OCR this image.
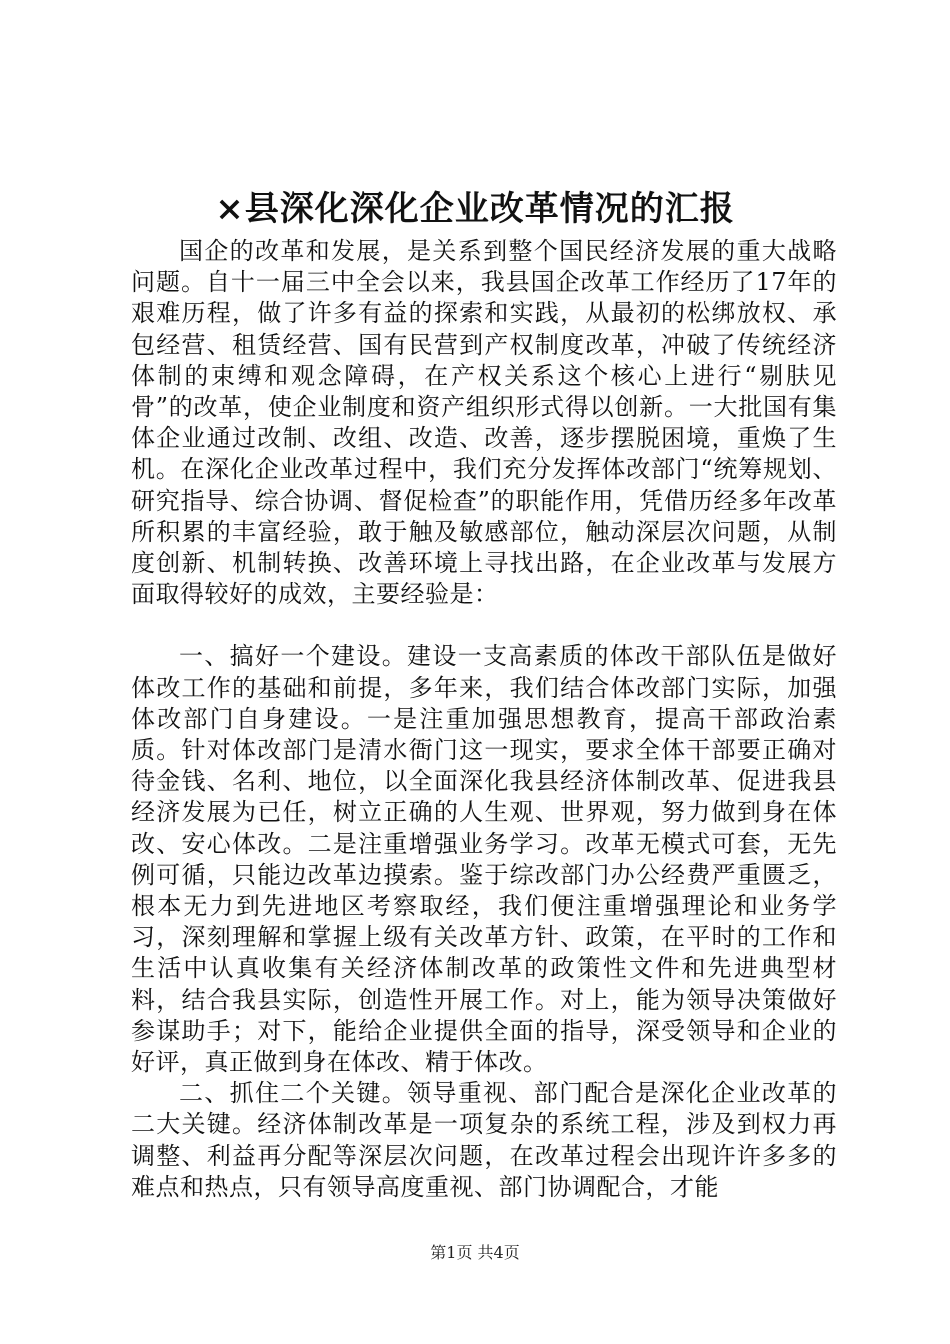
×县深化深化企业改革情况的汇报

国企的改革和发展，是关系到整个国民经济发展的重大战略问题。自十一届三中全会以来，我县国企改革工作经历了17年的艰难历程，做了许多有益的探索和实践，从最初的松绑放权、承包经营、租赁经营、国有民营到产权制度改革，冲破了传统经济体制的束缚和观念障碍，在产权关系这个核心上进行“剔肤见骨”的改革，使企业制度和资产组织形式得以创新。一大批国有集体企业通过改制、改组、改造、改善，逐步摆脱困境，重焕了生机。在深化企业改革过程中，我们充分发挥体改部门“统筹规划、研究指导、综合协调、督促检查”的职能作用，凭借历经多年改革所积累的丰富经验，敢于触及敏感部位，触动深层次问题，从制度创新、机制转换、改善环境上寻找出路，在企业改革与发展方面取得较好的成效，主要经验是：

一、搞好一个建设。建设一支高素质的体改干部队伍是做好体改工作的基础和前提，多年来，我们结合体改部门实际，加强体改部门自身建设。一是注重加强思想教育，提高干部政治素质。针对体改部门是清水衙门这一现实，要求全体干部要正确对待金钱、名利、地位，以全面深化我县经济体制改革、促进我县经济发展为已任，树立正确的人生观、世界观，努力做到身在体改、安心体改。二是注重增强业务学习。改革无模式可套，无先例可循，只能边改革边摸索。鉴于综改部门办公经费严重匮乏，根本无力到先进地区考察取经，我们便注重增强理论和业务学习，深刻理解和掌握上级有关改革方针、政策，在平时的工作和生活中认真收集有关经济体制改革的政策性文件和先进典型材料，结合我县实际，创造性开展工作。对上，能为领导决策做好参谋助手；对下，能给企业提供全面的指导，深受领导和企业的好评，真正做到身在体改、精于体改。

二、抓住二个关键。领导重视、部门配合是深化企业改革的二大关键。经济体制改革是一项复杂的系统工程，涉及到权力再调整、利益再分配等深层次问题，在改革过程会出现许许多多的难点和热点，只有领导高度重视、部门协调配合，才能

第1页 共4页
